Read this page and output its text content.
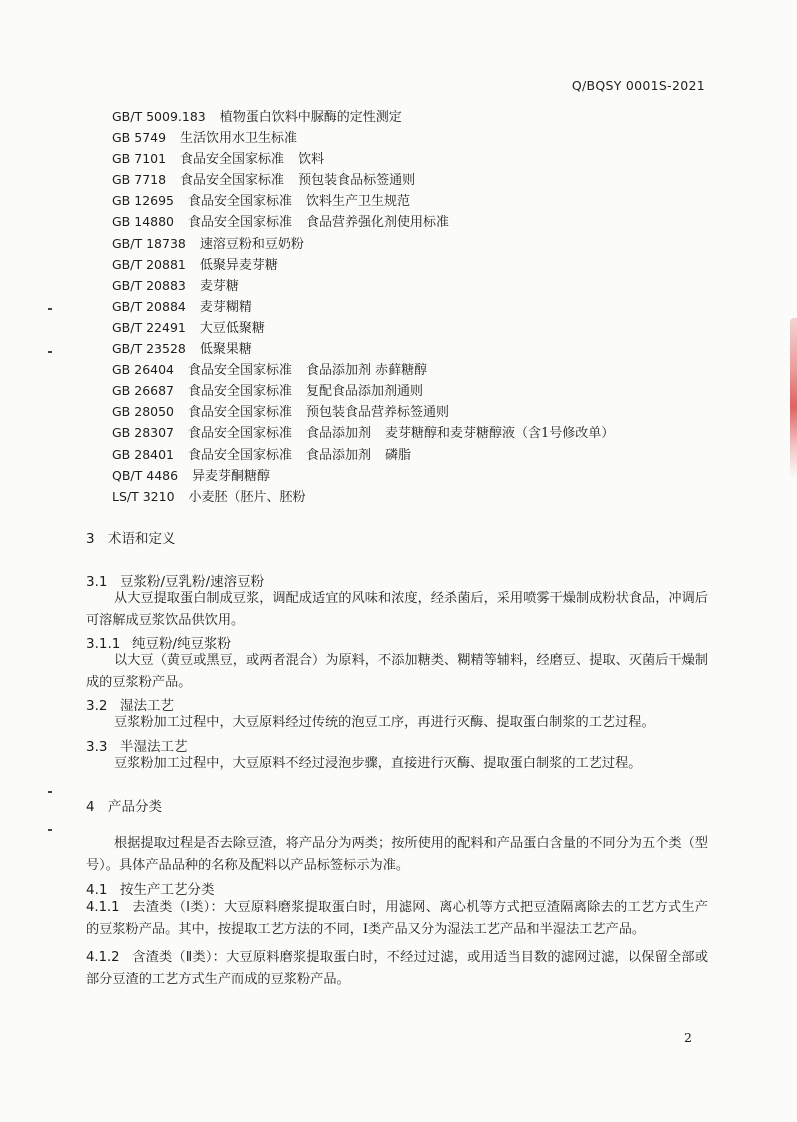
Q/BQSY 0001S-2021
GB/T 5009.183 植物蛋白饮料中脲酶的定性测定
GB 5749 生活饮用水卫生标准
GB 7101 食品安全国家标准 饮料
GB 7718 食品安全国家标准 预包装食品标签通则
GB 12695 食品安全国家标准 饮料生产卫生规范
GB 14880 食品安全国家标准 食品营养强化剂使用标准
GB/T 18738 速溶豆粉和豆奶粉
GB/T 20881 低聚异麦芽糖
GB/T 20883 麦芽糖
GB/T 20884 麦芽糊精
GB/T 22491 大豆低聚糖
GB/T 23528 低聚果糖
GB 26404 食品安全国家标准 食品添加剂 赤藓糖醇
GB 26687 食品安全国家标准 复配食品添加剂通则
GB 28050 食品安全国家标准 预包装食品营养标签通则
GB 28307 食品安全国家标准 食品添加剂 麦芽糖醇和麦芽糖醇液（含1号修改单）
GB 28401 食品安全国家标准 食品添加剂 磷脂
QB/T 4486 异麦芽酮糖醇
LS/T 3210 小麦胚（胚片、胚粉
3 术语和定义
3.1 豆浆粉/豆乳粉/速溶豆粉
从大豆提取蛋白制成豆浆，调配成适宜的风味和浓度，经杀菌后，采用喷雾干燥制成粉状食品，冲调后可溶解成豆浆饮品供饮用。
3.1.1 纯豆粉/纯豆浆粉
以大豆（黄豆或黑豆，或两者混合）为原料，不添加糖类、糊精等辅料，经磨豆、提取、灭菌后干燥制成的豆浆粉产品。
3.2 湿法工艺
豆浆粉加工过程中，大豆原料经过传统的泡豆工序，再进行灭酶、提取蛋白制浆的工艺过程。
3.3 半湿法工艺
豆浆粉加工过程中，大豆原料不经过浸泡步骤，直接进行灭酶、提取蛋白制浆的工艺过程。
4 产品分类
根据提取过程是否去除豆渣，将产品分为两类；按所使用的配料和产品蛋白含量的不同分为五个类（型号）。具体产品品种的名称及配料以产品标签标示为准。
4.1 按生产工艺分类
4.1.1 去渣类（Ⅰ类）：大豆原料磨浆提取蛋白时，用滤网、离心机等方式把豆渣隔离除去的工艺方式生产的豆浆粉产品。其中，按提取工艺方法的不同，Ⅰ类产品又分为湿法工艺产品和半湿法工艺产品。
4.1.2 含渣类（Ⅱ类）：大豆原料磨浆提取蛋白时，不经过过滤，或用适当目数的滤网过滤，以保留全部或部分豆渣的工艺方式生产而成的豆浆粉产品。
2
